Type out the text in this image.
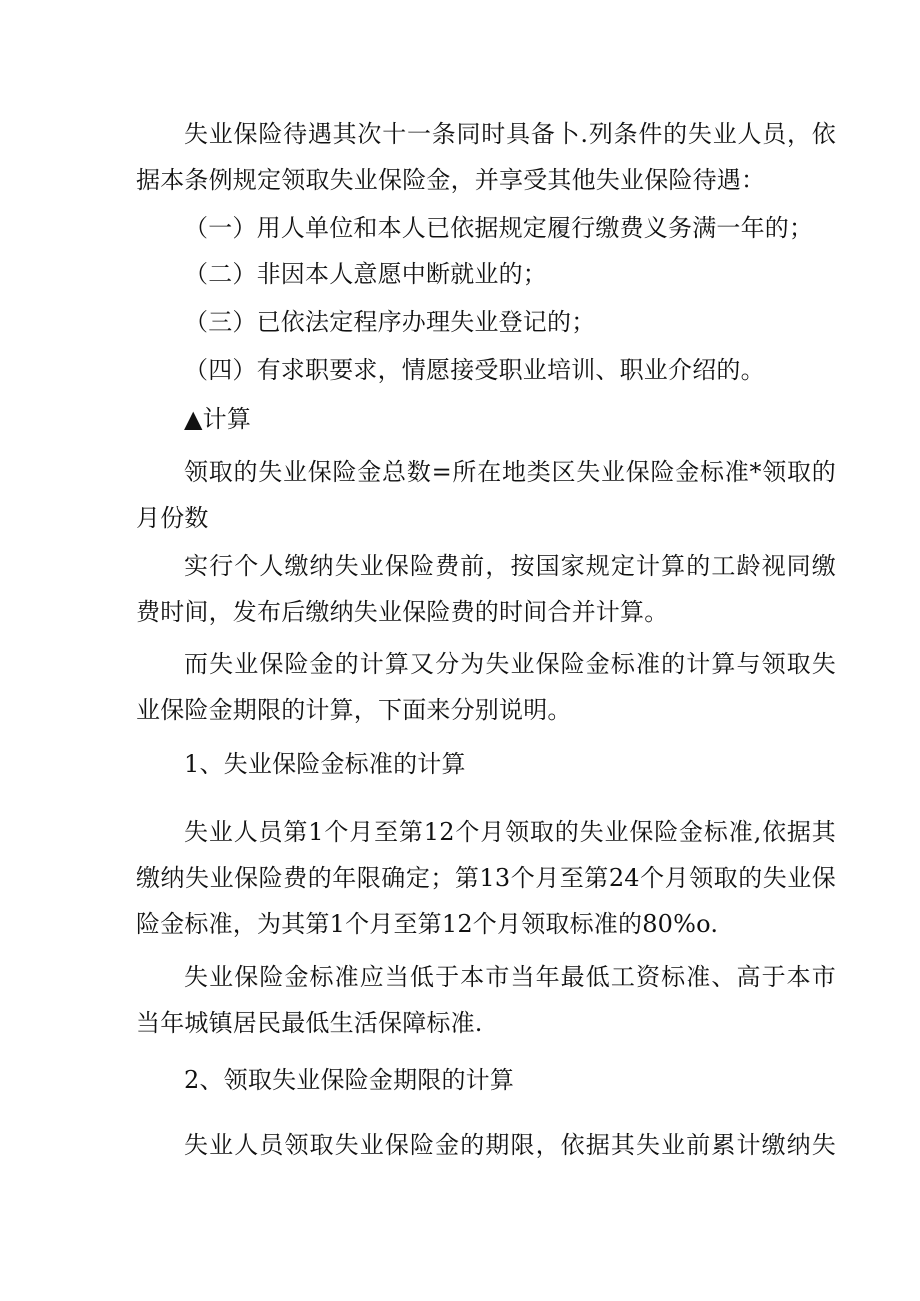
失业保险待遇其次十一条同时具备卜.列条件的失业人员，依
据本条例规定领取失业保险金，并享受其他失业保险待遇：
（一）用人单位和本人已依据规定履行缴费义务满一年的；
（二）非因本人意愿中断就业的；
（三）已依法定程序办理失业登记的；
（四）有求职要求，情愿接受职业培训、职业介绍的。
▲计算
领取的失业保险金总数=所在地类区失业保险金标准*领取的
月份数
实行个人缴纳失业保险费前，按国家规定计算的工龄视同缴
费时间，发布后缴纳失业保险费的时间合并计算。
而失业保险金的计算又分为失业保险金标准的计算与领取失
业保险金期限的计算，下面来分别说明。
1、失业保险金标准的计算
失业人员第1个月至第12个月领取的失业保险金标准,依据其
缴纳失业保险费的年限确定；第13个月至第24个月领取的失业保
险金标准，为其第1个月至第12个月领取标准的80%o.
失业保险金标准应当低于本市当年最低工资标准、高于本市
当年城镇居民最低生活保障标准.
2、领取失业保险金期限的计算
失业人员领取失业保险金的期限，依据其失业前累计缴纳失
